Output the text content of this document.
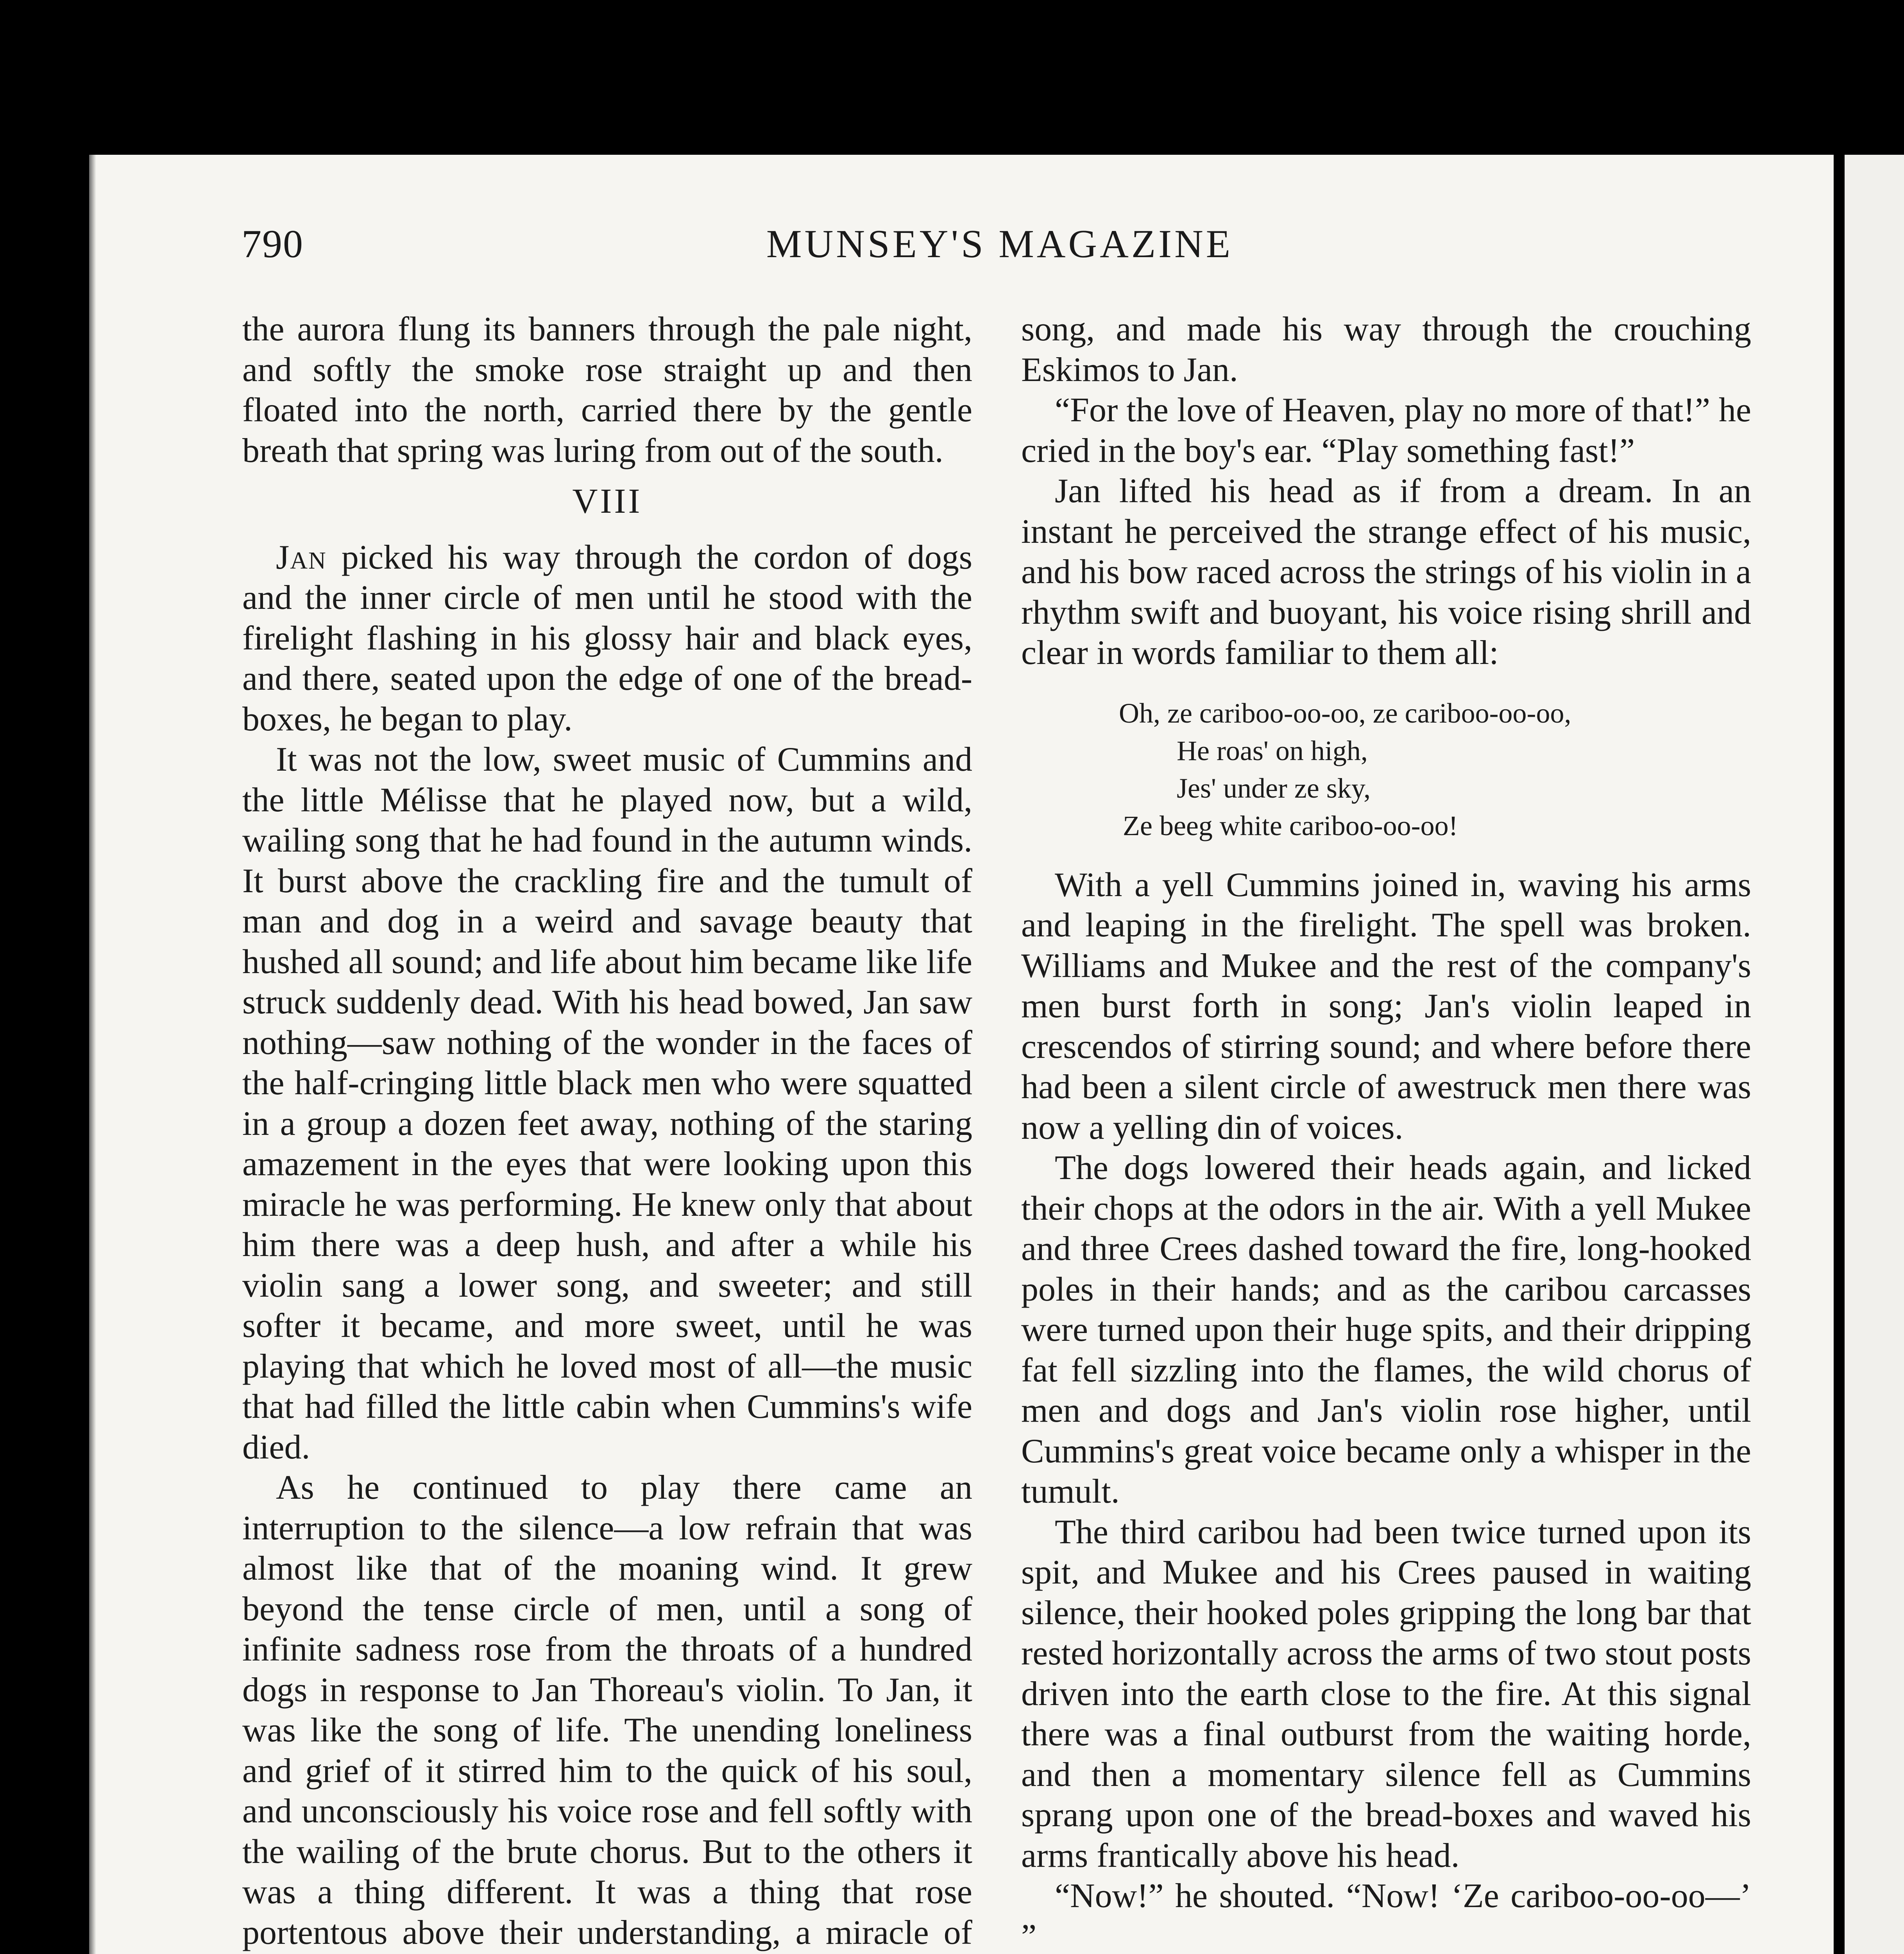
790	MUNSEY'S MAGAZINE

the aurora flung its banners through the pale night, and softly the smoke rose straight up and then floated into the north, carried there by the gentle breath that spring was luring from out of the south.

VIII

Jan picked his way through the cordon of dogs and the inner circle of men until he stood with the firelight flashing in his glossy hair and black eyes, and there, seated upon the edge of one of the bread-boxes, he began to play.

It was not the low, sweet music of Cummins and the little Mélisse that he played now, but a wild, wailing song that he had found in the autumn winds. It burst above the crackling fire and the tumult of man and dog in a weird and savage beauty that hushed all sound; and life about him became like life struck suddenly dead. With his head bowed, Jan saw nothing—saw nothing of the wonder in the faces of the half-cringing little black men who were squatted in a group a dozen feet away, nothing of the staring amazement in the eyes that were looking upon this miracle he was performing. He knew only that about him there was a deep hush, and after a while his violin sang a lower song, and sweeter; and still softer it became, and more sweet, until he was playing that which he loved most of all—the music that had filled the little cabin when Cummins's wife died.

As he continued to play there came an interruption to the silence—a low refrain that was almost like that of the moaning wind. It grew beyond the tense circle of men, until a song of infinite sadness rose from the throats of a hundred dogs in response to Jan Thoreau's violin. To Jan, it was like the song of life. The unending loneliness and grief of it stirred him to the quick of his soul, and unconsciously his voice rose and fell softly with the wailing of the brute chorus. But to the others it was a thing different. It was a thing that rose portentous above their understanding, a miracle of

song, and made his way through the crouching Eskimos to Jan.

“For the love of Heaven, play no more of that!” he cried in the boy's ear. “Play something fast!”

Jan lifted his head as if from a dream. In an instant he perceived the strange effect of his music, and his bow raced across the strings of his violin in a rhythm swift and buoyant, his voice rising shrill and clear in words familiar to them all:

Oh, ze cariboo-oo-oo, ze cariboo-oo-oo,
He roas' on high,
Jes' under ze sky,
Ze beeg white cariboo-oo-oo!

With a yell Cummins joined in, waving his arms and leaping in the firelight. The spell was broken. Williams and Mukee and the rest of the company's men burst forth in song; Jan's violin leaped in crescendos of stirring sound; and where before there had been a silent circle of awestruck men there was now a yelling din of voices.

The dogs lowered their heads again, and licked their chops at the odors in the air. With a yell Mukee and three Crees dashed toward the fire, long-hooked poles in their hands; and as the caribou carcasses were turned upon their huge spits, and their dripping fat fell sizzling into the flames, the wild chorus of men and dogs and Jan's violin rose higher, until Cummins's great voice became only a whisper in the tumult.

The third caribou had been twice turned upon its spit, and Mukee and his Crees paused in waiting silence, their hooked poles gripping the long bar that rested horizontally across the arms of two stout posts driven into the earth close to the fire. At this signal there was a final outburst from the waiting horde, and then a momentary silence fell as Cummins sprang upon one of the bread-boxes and waved his arms frantically above his head.

“Now!” he shouted. “Now! ‘Ze cariboo-oo-oo—’ ”
